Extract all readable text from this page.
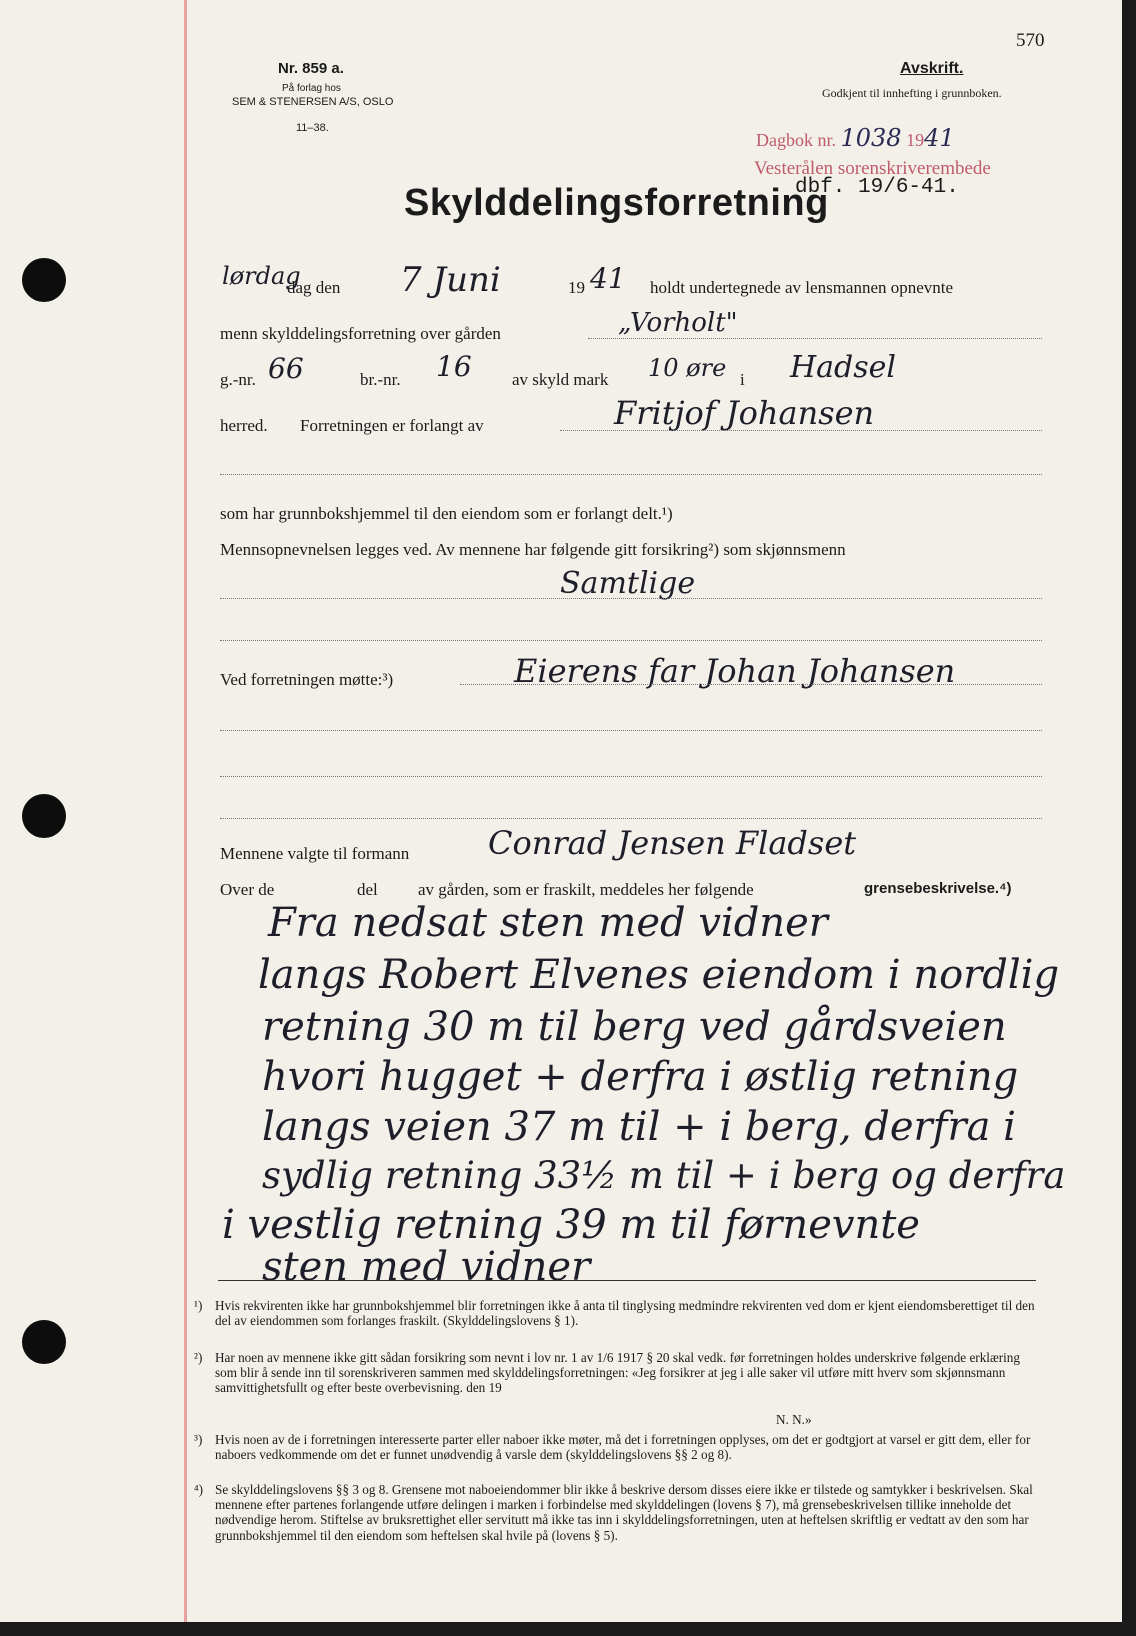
570
Nr. 859 a.
På forlag hos
SEM & STENERSEN A/S, OSLO
11–38.
Avskrift.
Godkjent til innhefting i grunnboken.
Dagbok nr. 1038 1941
Vesterålen sorenskriverembede
dbf. 19/6-41.
Skylddelingsforretning
lørdag
dag den 7 Juni	19 41 holdt undertegnede av lensmannen opnevnte
menn skylddelingsforretning over gården	„Vorholt"
g.-nr. 66	br.-nr. 16 av skyld mark 10 øre i Hadsel
herred. Forretningen er forlangt av	Fritjof Johansen
som har grunnbokshjemmel til den eiendom som er forlangt delt.¹)
Mennsopnevnelsen legges ved. Av mennene har følgende gitt forsikring²) som skjønnsmenn
Samtlige
Ved forretningen møtte:³)	Eierens far Johan Johansen
Mennene valgte til formann Conrad Jensen Fladset
Over de	del av gården, som er fraskilt, meddeles her følgende	grensebeskrivelse.⁴)
Fra nedsat sten med vidner
langs Robert Elvenes eiendom i nordlig
retning 30 m til berg ved gårdsveien
hvori hugget + derfra i østlig retning
langs veien 37 m til + i berg, derfra i
sydlig retning 33½ m til + i berg og derfra
i vestlig retning 39 m til førnevnte
sten med vidner
¹) Hvis rekvirenten ikke har grunnbokshjemmel blir forretningen ikke å anta til tinglysing medmindre rekvirenten ved dom er kjent eiendomsberettiget til den del av eiendommen som forlanges fraskilt. (Skylddelingslovens § 1).
²) Har noen av mennene ikke gitt sådan forsikring som nevnt i lov nr. 1 av 1/6 1917 § 20 skal vedk. før forretningen holdes underskrive følgende erklæring som blir å sende inn til sorenskriveren sammen med skylddelingsforretningen: «Jeg forsikrer at jeg i alle saker vil utføre mitt hverv som skjønnsmann samvittighetsfullt og efter beste overbevisning. den 19
N. N.»
³) Hvis noen av de i forretningen interesserte parter eller naboer ikke møter, må det i forretningen opplyses, om det er godtgjort at varsel er gitt dem, eller for naboers vedkommende om det er funnet unødvendig å varsle dem (skylddelingslovens §§ 2 og 8).
⁴) Se skylddelingslovens §§ 3 og 8. Grensene mot naboeiendommer blir ikke å beskrive dersom disses eiere ikke er tilstede og samtykker i beskrivelsen. Skal mennene efter partenes forlangende utføre delingen i marken i forbindelse med skylddelingen (lovens § 7), må grensebeskrivelsen tillike inneholde det nødvendige herom. Stiftelse av bruksrettighet eller servitutt må ikke tas inn i skylddelingsforretningen, uten at heftelsen skriftlig er vedtatt av den som har grunnbokshjemmel til den eiendom som heftelsen skal hvile på (lovens § 5).
